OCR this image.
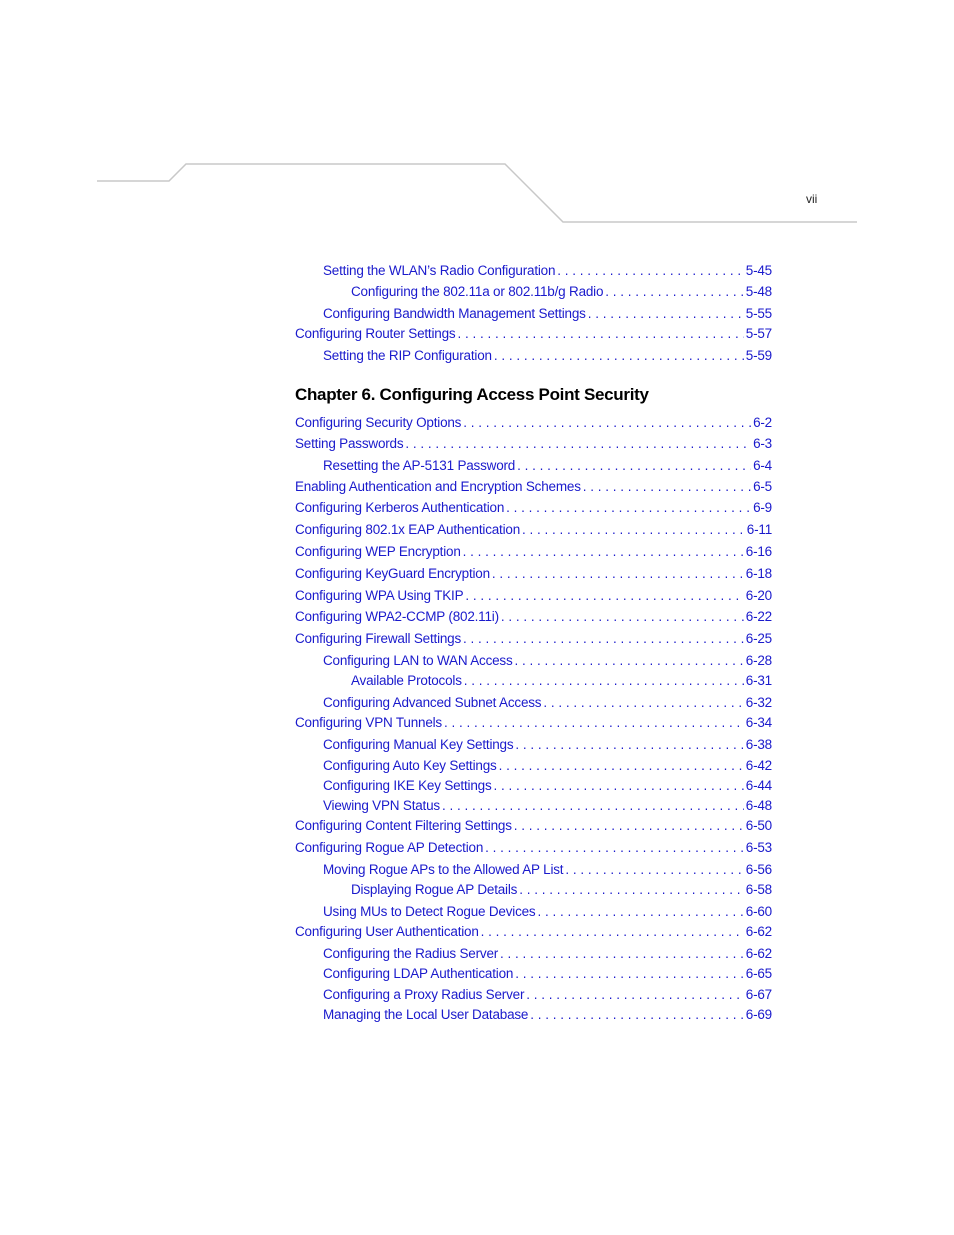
vii
Chapter 6. Configuring Access Point Security
Setting the WLAN’s Radio Configuration . . .	5-45
Configuring the 802.11a or 802.11b/g Radio . . .	5-48
Configuring Bandwidth Management Settings . . .	5-55
Configuring Router Settings . . .	5-57
Setting the RIP Configuration . . .	5-59
Configuring Security Options . . .	6-2
Setting Passwords . . .	6-3
Resetting the AP-5131 Password . . .	6-4
Enabling Authentication and Encryption Schemes . . .	6-5
Configuring Kerberos Authentication . . .	6-9
Configuring 802.1x EAP Authentication . . .	6-11
Configuring WEP Encryption . . .	6-16
Configuring KeyGuard Encryption . . .	6-18
Configuring WPA Using TKIP . . .	6-20
Configuring WPA2-CCMP (802.11i) . . .	6-22
Configuring Firewall Settings . . .	6-25
Configuring LAN to WAN Access . . .	6-28
Available Protocols . . .	6-31
Configuring Advanced Subnet Access . . .	6-32
Configuring VPN Tunnels . . .	6-34
Configuring Manual Key Settings . . .	6-38
Configuring Auto Key Settings . . .	6-42
Configuring IKE Key Settings . . .	6-44
Viewing VPN Status . . .	6-48
Configuring Content Filtering Settings . . .	6-50
Configuring Rogue AP Detection . . .	6-53
Moving Rogue APs to the Allowed AP List . . .	6-56
Displaying Rogue AP Details . . .	6-58
Using MUs to Detect Rogue Devices . . .	6-60
Configuring User Authentication . . .	6-62
Configuring the Radius Server . . .	6-62
Configuring LDAP Authentication . . .	6-65
Configuring a Proxy Radius Server . . .	6-67
Managing the Local User Database . . .	6-69
